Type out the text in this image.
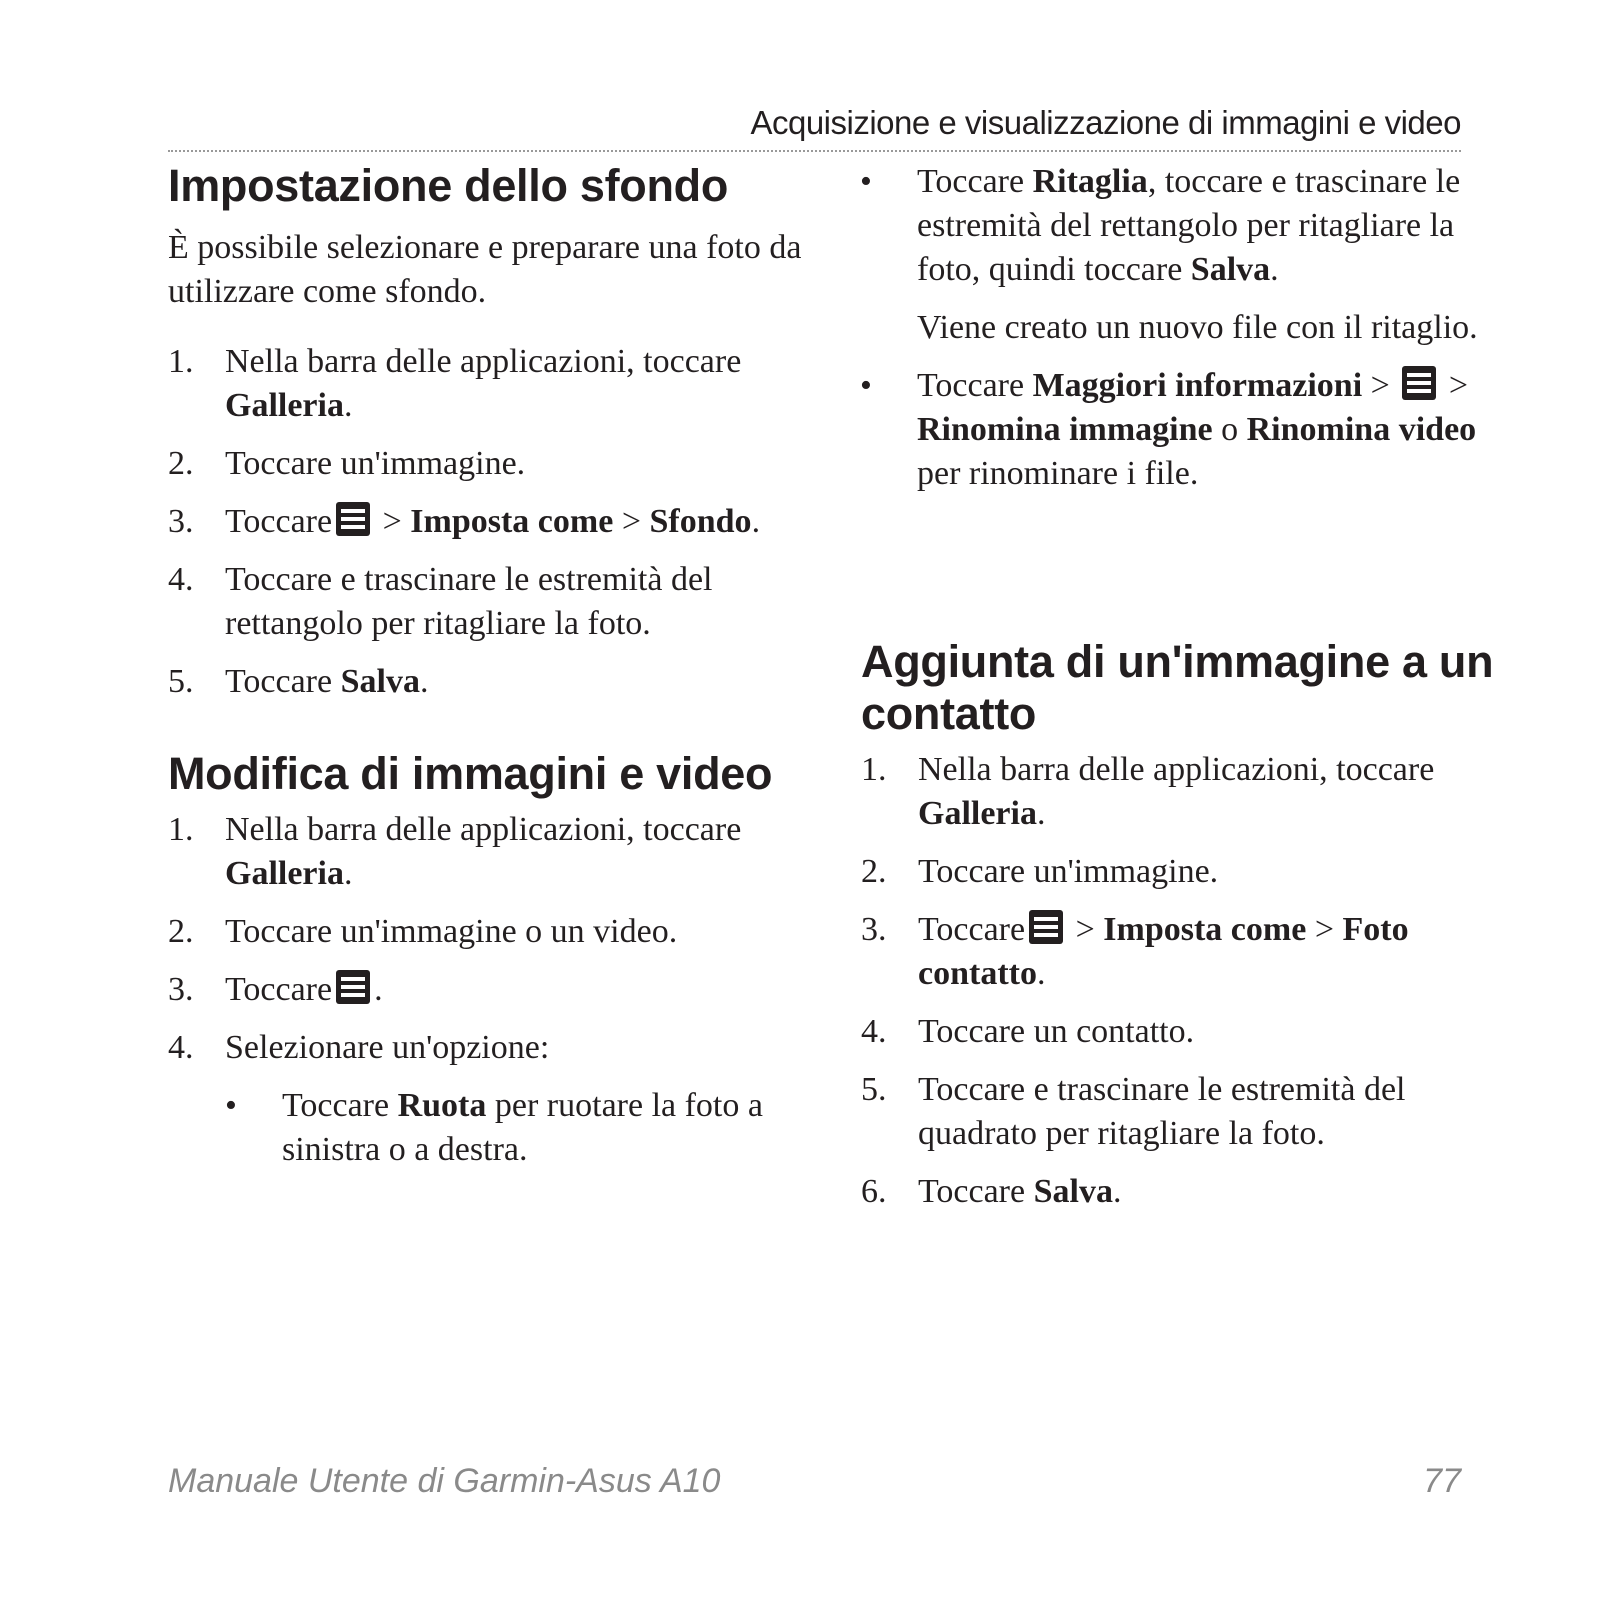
Acquisizione e visualizzazione di immagini e video
Impostazione dello sfondo

È possibile selezionare e preparare una foto da utilizzare come sfondo.

1. Nella barra delle applicazioni, toccare Galleria.
2. Toccare un'immagine.
3. Toccare > Imposta come > Sfondo.
4. Toccare e trascinare le estremità del rettangolo per ritagliare la foto.
5. Toccare Salva.
Modifica di immagini e video
1. Nella barra delle applicazioni, toccare Galleria.
2. Toccare un'immagine o un video.
3. Toccare .
4. Selezionare un'opzione:
• Toccare Ruota per ruotare la foto a sinistra o a destra.
• Toccare Ritaglia, toccare e trascinare le estremità del rettangolo per ritagliare la foto, quindi toccare Salva.

Viene creato un nuovo file con il ritaglio.

• Toccare Maggiori informazioni >  > Rinomina immagine o Rinomina video per rinominare i file.
Aggiunta di un'immagine a un contatto
1. Nella barra delle applicazioni, toccare Galleria.
2. Toccare un'immagine.
3. Toccare > Imposta come > Foto contatto.
4. Toccare un contatto.
5. Toccare e trascinare le estremità del quadrato per ritagliare la foto.
6. Toccare Salva.
Manuale Utente di Garmin-Asus A10	77
